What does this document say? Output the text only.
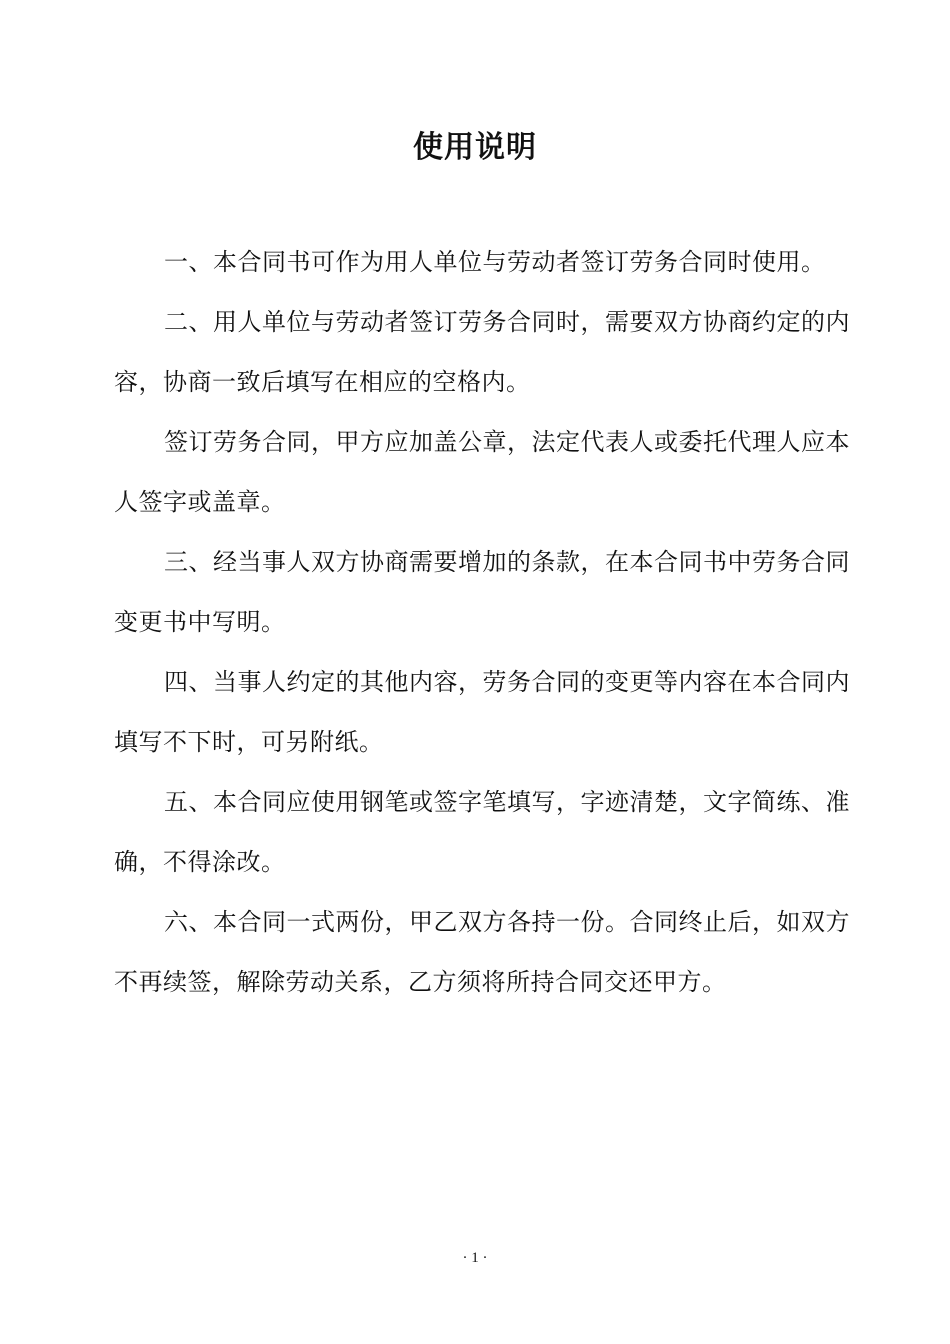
使用说明

一、本合同书可作为用人单位与劳动者签订劳务合同时使用。

二、用人单位与劳动者签订劳务合同时，需要双方协商约定的内容，协商一致后填写在相应的空格内。

签订劳务合同，甲方应加盖公章，法定代表人或委托代理人应本人签字或盖章。

三、经当事人双方协商需要增加的条款，在本合同书中劳务合同变更书中写明。

四、当事人约定的其他内容，劳务合同的变更等内容在本合同内填写不下时，可另附纸。

五、本合同应使用钢笔或签字笔填写，字迹清楚，文字简练、准确，不得涂改。

六、本合同一式两份，甲乙双方各持一份。合同终止后，如双方不再续签，解除劳动关系，乙方须将所持合同交还甲方。

· 1 ·
